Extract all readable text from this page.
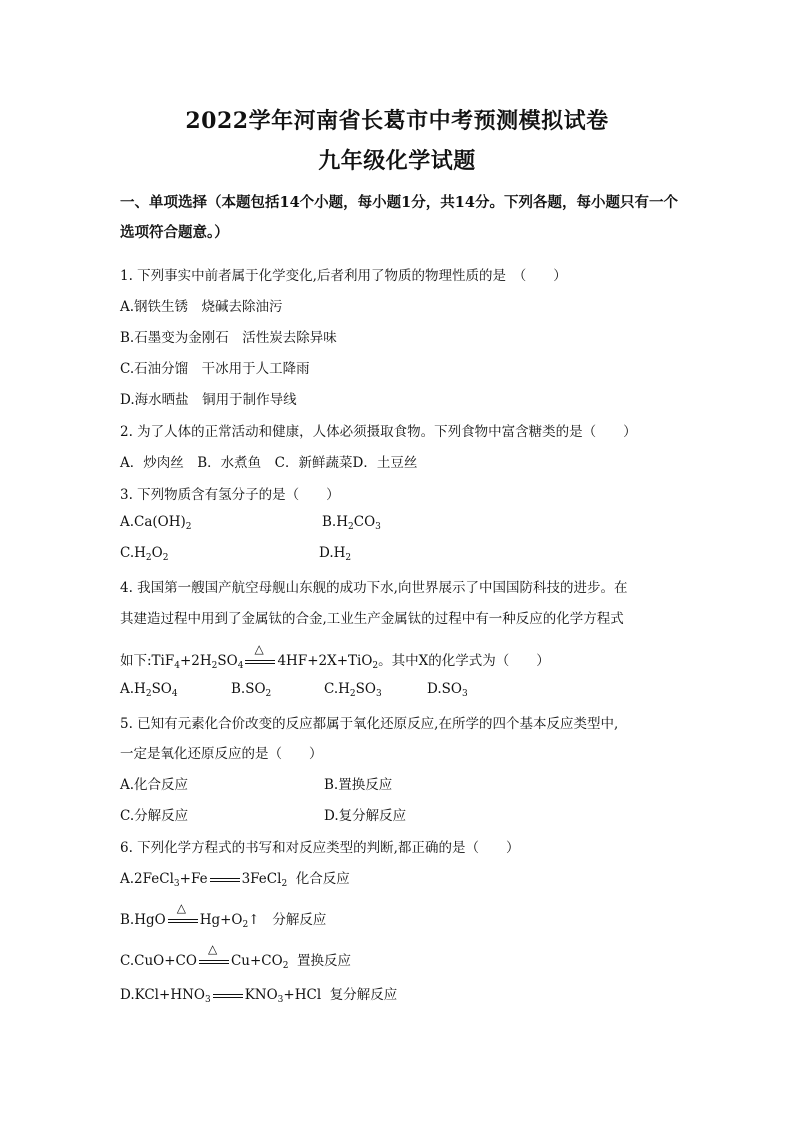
2022学年河南省长葛市中考预测模拟试卷
九年级化学试题
一、单项选择（本题包括14个小题，每小题1分，共14分。下列各题，每小题只有一个选项符合题意。）
1. 下列事实中前者属于化学变化,后者利用了物质的物理性质的是　（　　）
A.钢铁生锈　烧碱去除油污
B.石墨变为金刚石　活性炭去除异味
C.石油分馏　干冰用于人工降雨
D.海水晒盐　铜用于制作导线
2. 为了人体的正常活动和健康，人体必须摄取食物。下列食物中富含糖类的是（　　）
A．炒肉丝　B．水煮鱼　C．新鲜蔬菜D．土豆丝
3. 下列物质含有氢分子的是（　　）
$A.Ca(OH)_2$	$B.H_2CO_3$
$C.H_2O_2$	$D.H_2$
4. 我国第一艘国产航空母舰山东舰的成功下水,向世界展示了中国国防科技的进步。在
其建造过程中用到了金属钛的合金,工业生产金属钛的过程中有一种反应的化学方程式
如下$:TiF_4+2H_2SO_4$
△
4HF+2X+TiO$_2$。其中X的化学式为（　　）
$A.H_2SO_4$	$B.SO_2$	$C.H_2SO_3$	$D.SO_3$
5. 已知有元素化合价改变的反应都属于氧化还原反应,在所学的四个基本反应类型中,
一定是氧化还原反应的是（　　）
A.化合反应	B.置换反应
C.分解反应	D.复分解反应
6. 下列化学方程式的书写和对反应类型的判断,都正确的是（　　）
A.2FeCl$_3$+Fe	3FeCl$_2$ 化合反应
B.HgO
△
$Hg+O_2↑$ 分解反应
C.CuO+CO
△
$Cu+CO_2$ 置换反应
$D.KCl+HNO_3$	$KNO_3+HCl$ 复分解反应
